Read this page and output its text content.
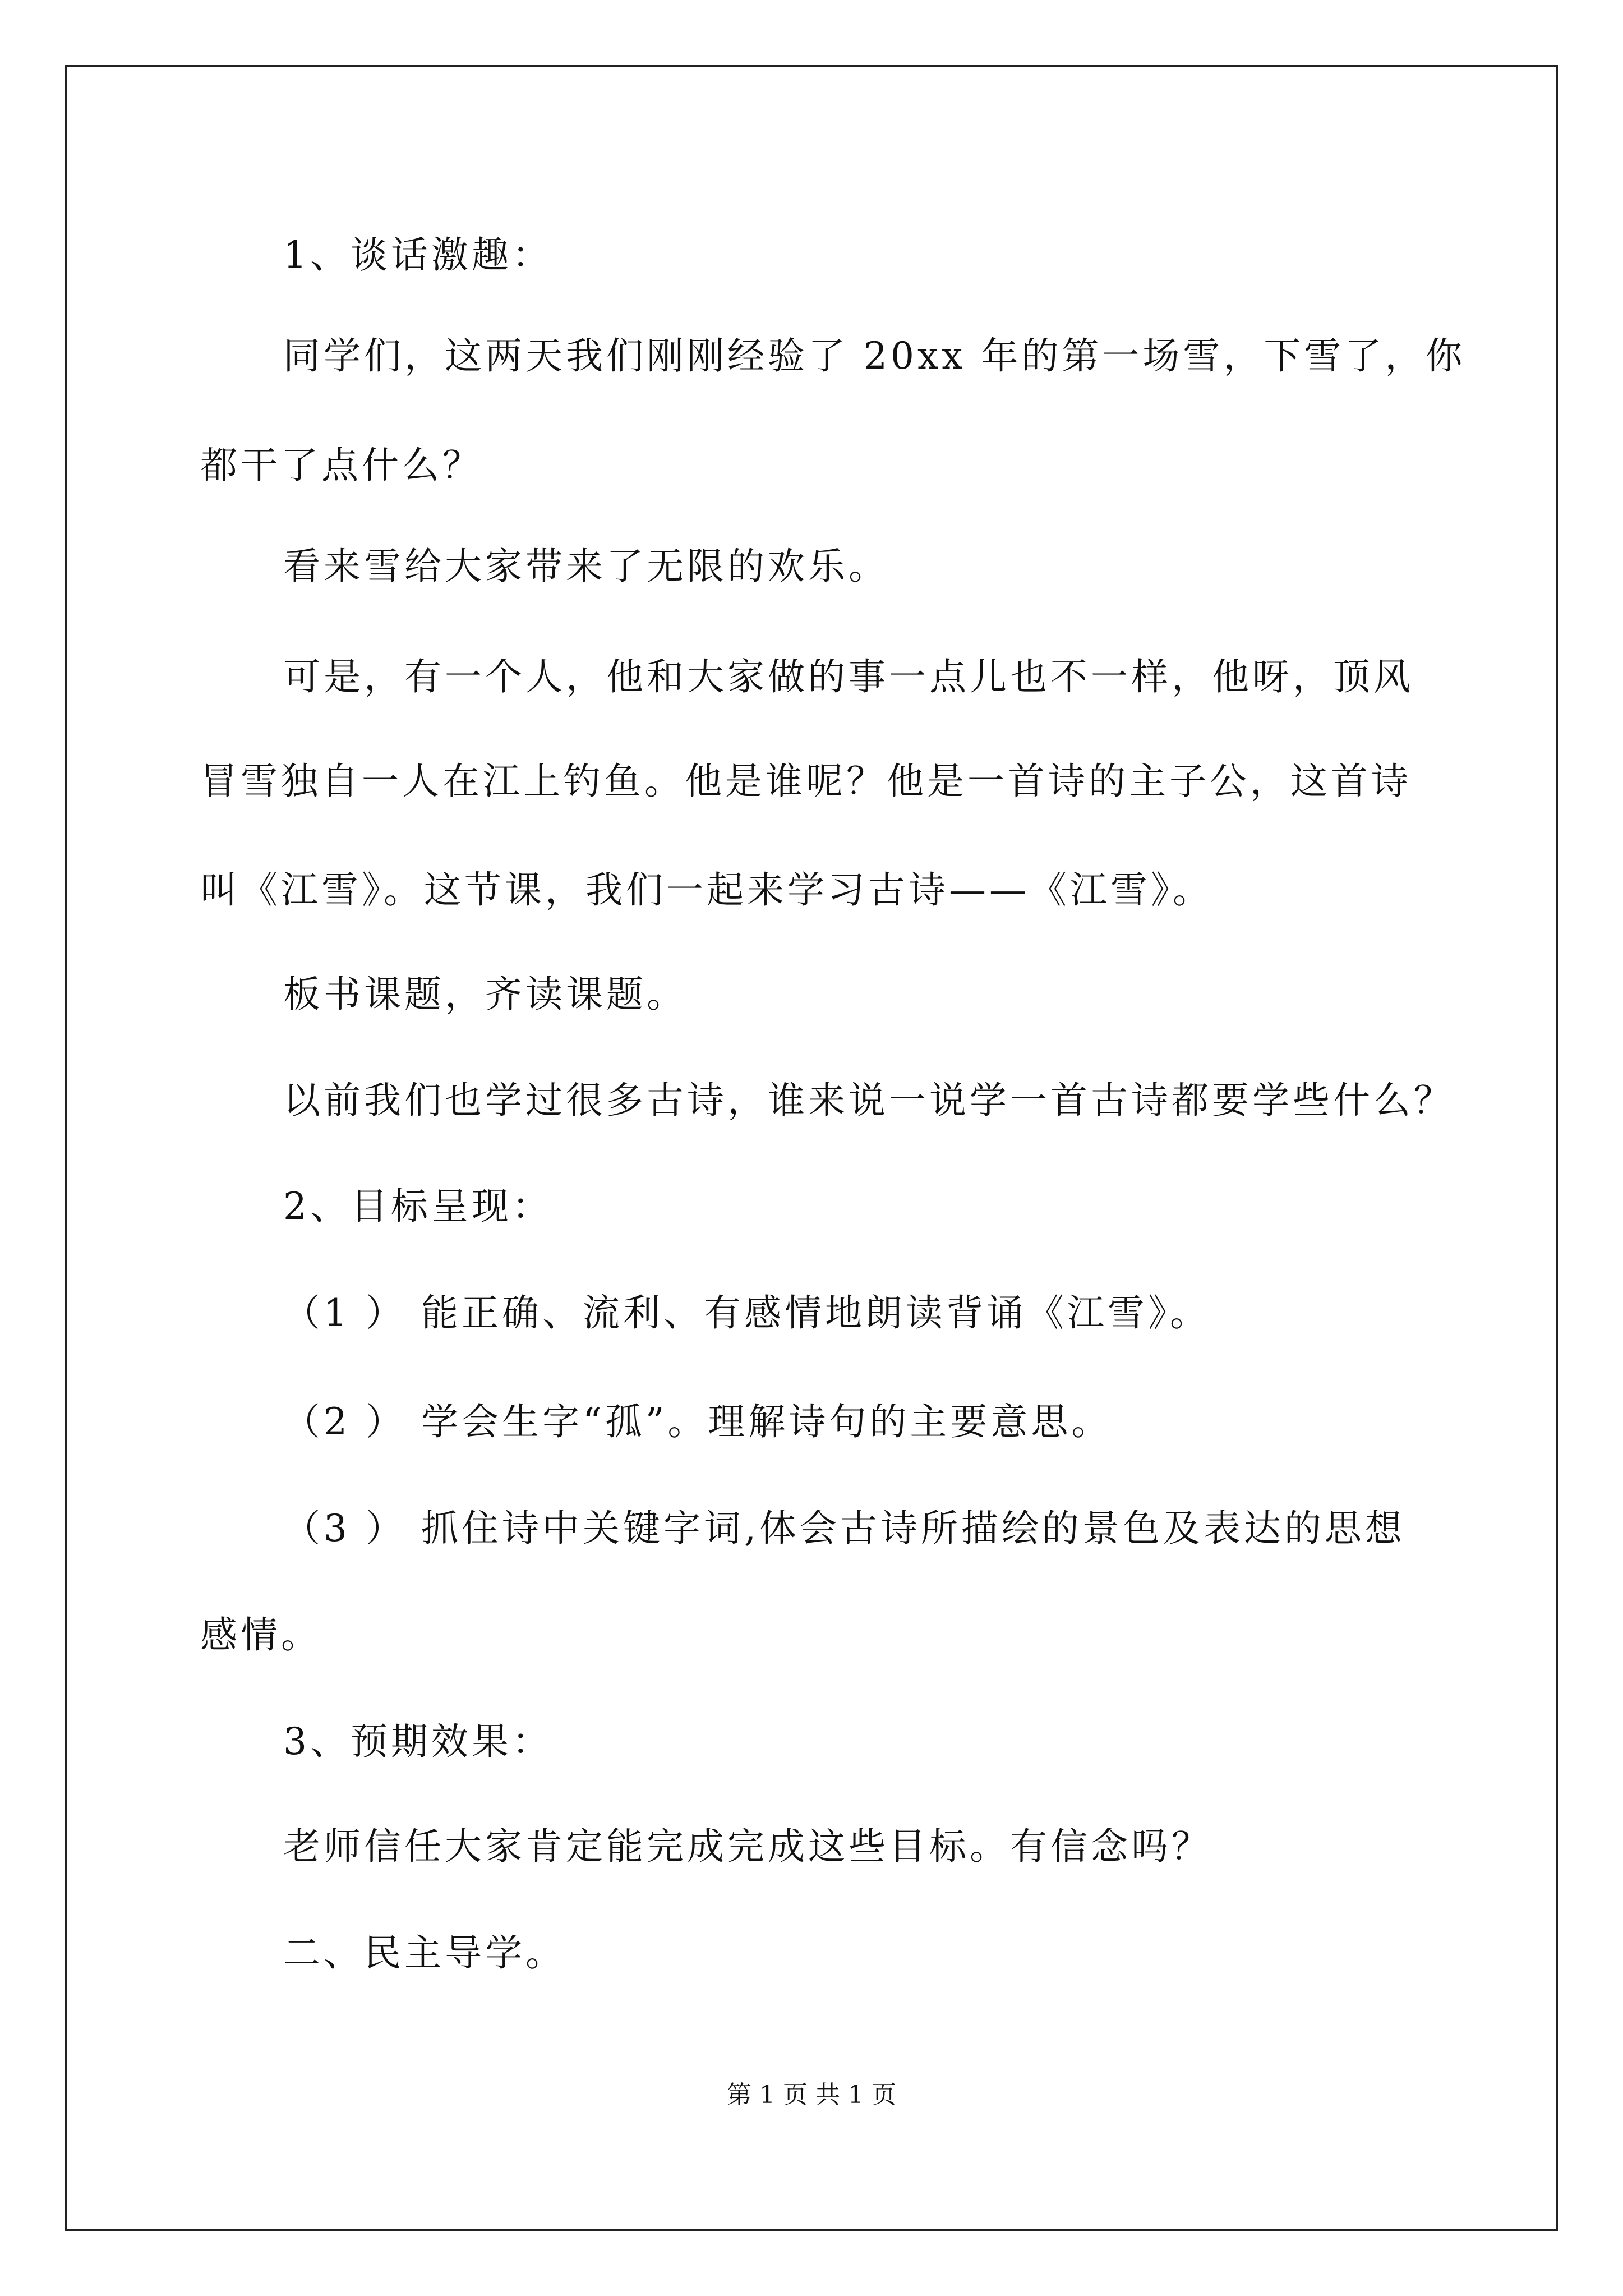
1、谈话激趣：
同学们，这两天我们刚刚经验了 20xx 年的第一场雪，下雪了，你
都干了点什么？
看来雪给大家带来了无限的欢乐。
可是，有一个人，他和大家做的事一点儿也不一样，他呀，顶风
冒雪独自一人在江上钓鱼。他是谁呢？他是一首诗的主子公，这首诗
叫《江雪》。这节课，我们一起来学习古诗——《江雪》。
板书课题，齐读课题。
以前我们也学过很多古诗，谁来说一说学一首古诗都要学些什么？
2、目标呈现：
（1 ） 能正确、流利、有感情地朗读背诵《江雪》。
（2 ） 学会生字“孤”。理解诗句的主要意思。
（3 ） 抓住诗中关键字词,体会古诗所描绘的景色及表达的思想
感情。
3、预期效果：
老师信任大家肯定能完成完成这些目标。有信念吗？
二、民主导学。
第 1 页 共 1 页
